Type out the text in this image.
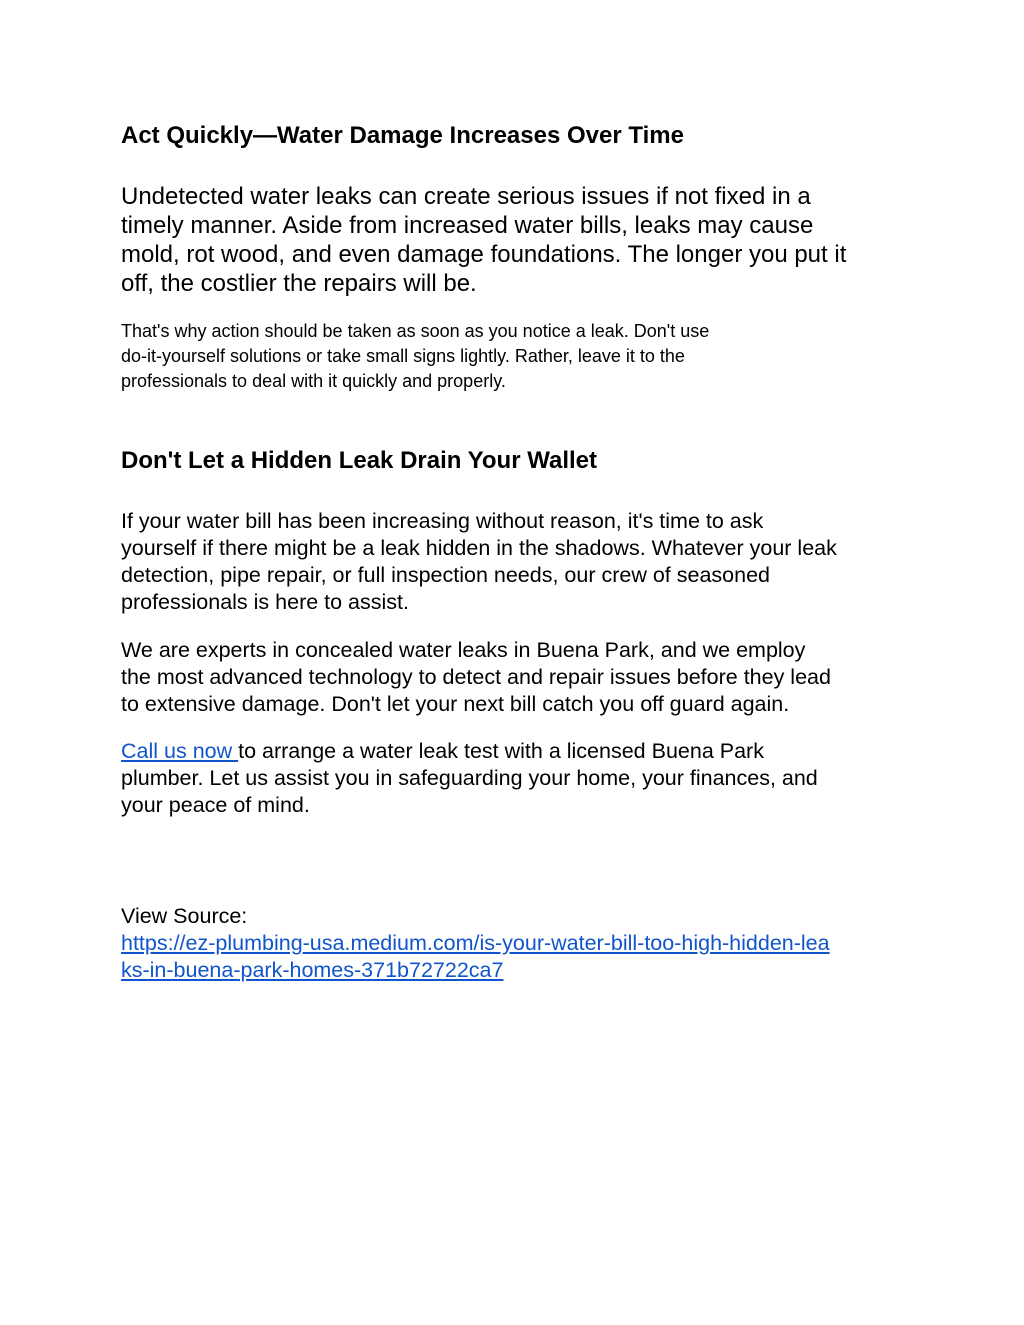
Act Quickly—Water Damage Increases Over Time

Undetected water leaks can create serious issues if not fixed in a
timely manner. Aside from increased water bills, leaks may cause
mold, rot wood, and even damage foundations. The longer you put it
off, the costlier the repairs will be.

That's why action should be taken as soon as you notice a leak. Don't use
do-it-yourself solutions or take small signs lightly. Rather, leave it to the
professionals to deal with it quickly and properly.

Don't Let a Hidden Leak Drain Your Wallet

If your water bill has been increasing without reason, it's time to ask
yourself if there might be a leak hidden in the shadows. Whatever your leak
detection, pipe repair, or full inspection needs, our crew of seasoned
professionals is here to assist.

We are experts in concealed water leaks in Buena Park, and we employ
the most advanced technology to detect and repair issues before they lead
to extensive damage. Don't let your next bill catch you off guard again.

Call us now to arrange a water leak test with a licensed Buena Park
plumber. Let us assist you in safeguarding your home, your finances, and
your peace of mind.

View Source:
https://ez-plumbing-usa.medium.com/is-your-water-bill-too-high-hidden-lea
ks-in-buena-park-homes-371b72722ca7
